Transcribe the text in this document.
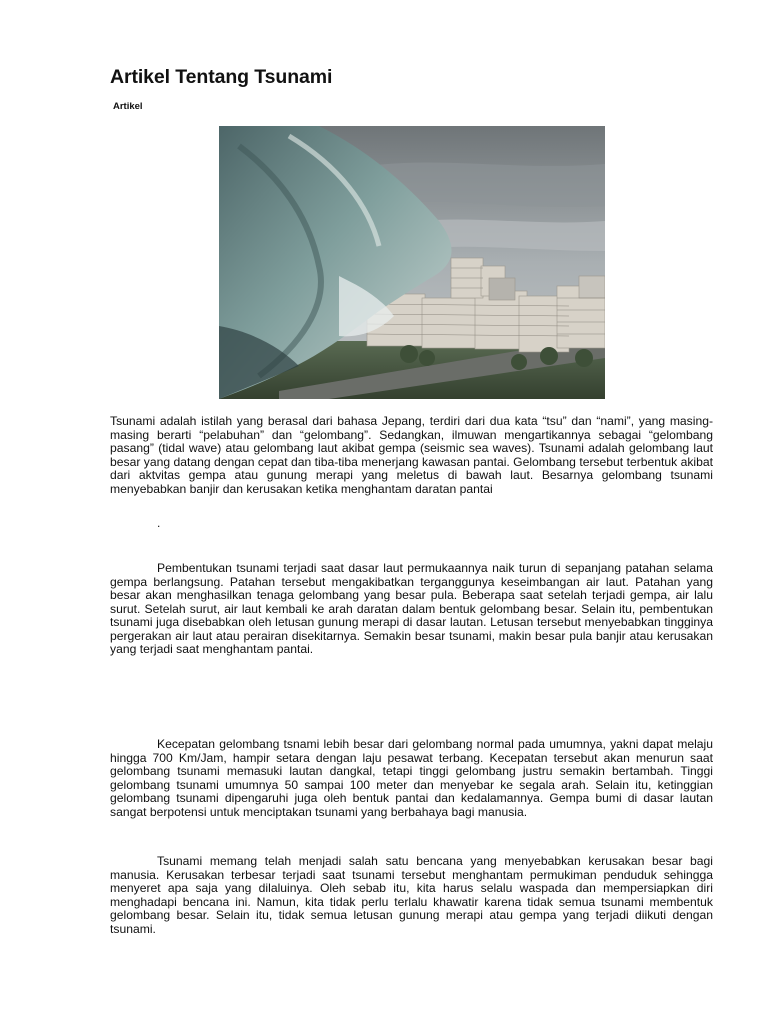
Artikel Tentang Tsunami
Artikel

Tsunami adalah istilah yang berasal dari bahasa Jepang, terdiri dari dua kata “tsu” dan “nami”, yang masing-masing berarti “pelabuhan” dan “gelombang”. Sedangkan, ilmuwan mengartikannya sebagai “gelombang pasang” (tidal wave) atau gelombang laut akibat gempa (seismic sea waves). Tsunami adalah gelombang laut besar yang datang dengan cepat dan tiba-tiba menerjang kawasan pantai. Gelombang tersebut terbentuk akibat dari aktvitas gempa atau gunung merapi yang meletus di bawah laut. Besarnya gelombang tsunami menyebabkan banjir dan kerusakan ketika menghantam daratan pantai

.

Pembentukan tsunami terjadi saat dasar laut permukaannya naik turun di sepanjang patahan selama gempa berlangsung. Patahan tersebut mengakibatkan terganggunya keseimbangan air laut. Patahan yang besar akan menghasilkan tenaga gelombang yang besar pula. Beberapa saat setelah terjadi gempa, air lalu surut. Setelah surut, air laut kembali ke arah daratan dalam bentuk gelombang besar. Selain itu, pembentukan tsunami juga disebabkan oleh letusan gunung merapi di dasar lautan. Letusan tersebut menyebabkan tingginya pergerakan air laut atau perairan disekitarnya. Semakin besar tsunami, makin besar pula banjir atau kerusakan yang terjadi saat menghantam pantai.

Kecepatan gelombang tsnami lebih besar dari gelombang normal pada umumnya, yakni dapat melaju hingga 700 Km/Jam, hampir setara dengan laju pesawat terbang. Kecepatan tersebut akan menurun saat gelombang tsunami memasuki lautan dangkal, tetapi tinggi gelombang justru semakin bertambah. Tinggi gelombang tsunami umumnya 50 sampai 100 meter dan menyebar ke segala arah. Selain itu, ketinggian gelombang tsunami dipengaruhi juga oleh bentuk pantai dan kedalamannya. Gempa bumi di dasar lautan sangat berpotensi untuk menciptakan tsunami yang berbahaya bagi manusia.

Tsunami memang telah menjadi salah satu bencana yang menyebabkan kerusakan besar bagi manusia. Kerusakan terbesar terjadi saat tsunami tersebut menghantam permukiman penduduk sehingga menyeret apa saja yang dilaluinya. Oleh sebab itu, kita harus selalu waspada dan mempersiapkan diri menghadapi bencana ini. Namun, kita tidak perlu terlalu khawatir karena tidak semua tsunami membentuk gelombang besar. Selain itu, tidak semua letusan gunung merapi atau gempa yang terjadi diikuti dengan tsunami.
